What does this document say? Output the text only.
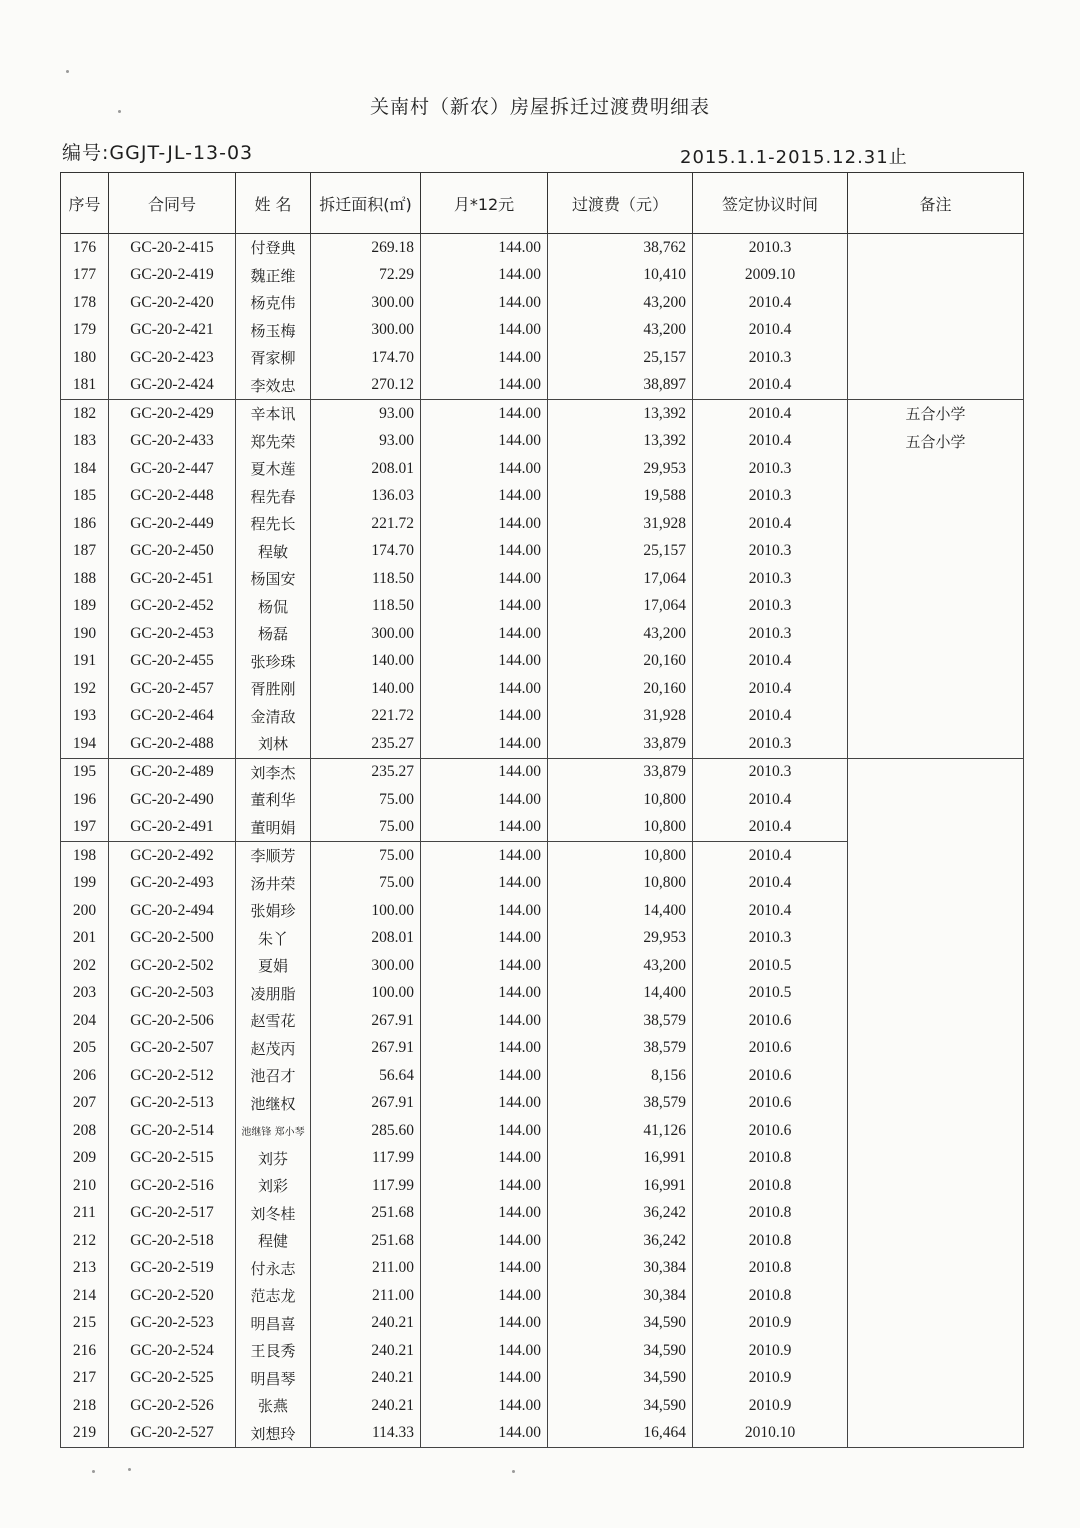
关南村（新农）房屋拆迁过渡费明细表
编号:GGJT-JL-13-03	2015.1.1-2015.12.31止
序号	合同号	姓 名	拆迁面积(㎡)	月*12元	过渡费（元）	签定协议时间	备注
176	GC-20-2-415	付登典	269.18	144.00	38,762	2010.3	
177	GC-20-2-419	魏正维	72.29	144.00	10,410	2009.10	
178	GC-20-2-420	杨克伟	300.00	144.00	43,200	2010.4	
179	GC-20-2-421	杨玉梅	300.00	144.00	43,200	2010.4	
180	GC-20-2-423	胥家柳	174.70	144.00	25,157	2010.3	
181	GC-20-2-424	李效忠	270.12	144.00	38,897	2010.4	
182	GC-20-2-429	辛本讯	93.00	144.00	13,392	2010.4	五合小学
183	GC-20-2-433	郑先荣	93.00	144.00	13,392	2010.4	五合小学
184	GC-20-2-447	夏木莲	208.01	144.00	29,953	2010.3	
185	GC-20-2-448	程先春	136.03	144.00	19,588	2010.3	
186	GC-20-2-449	程先长	221.72	144.00	31,928	2010.4	
187	GC-20-2-450	程敏	174.70	144.00	25,157	2010.3	
188	GC-20-2-451	杨国安	118.50	144.00	17,064	2010.3	
189	GC-20-2-452	杨侃	118.50	144.00	17,064	2010.3	
190	GC-20-2-453	杨磊	300.00	144.00	43,200	2010.3	
191	GC-20-2-455	张珍珠	140.00	144.00	20,160	2010.4	
192	GC-20-2-457	胥胜刚	140.00	144.00	20,160	2010.4	
193	GC-20-2-464	金清敌	221.72	144.00	31,928	2010.4	
194	GC-20-2-488	刘林	235.27	144.00	33,879	2010.3	
195	GC-20-2-489	刘李杰	235.27	144.00	33,879	2010.3	
196	GC-20-2-490	董利华	75.00	144.00	10,800	2010.4	
197	GC-20-2-491	董明娟	75.00	144.00	10,800	2010.4	
198	GC-20-2-492	李顺芳	75.00	144.00	10,800	2010.4	
199	GC-20-2-493	汤井荣	75.00	144.00	10,800	2010.4	
200	GC-20-2-494	张娟珍	100.00	144.00	14,400	2010.4	
201	GC-20-2-500	朱丫	208.01	144.00	29,953	2010.3	
202	GC-20-2-502	夏娟	300.00	144.00	43,200	2010.5	
203	GC-20-2-503	凌朋脂	100.00	144.00	14,400	2010.5	
204	GC-20-2-506	赵雪花	267.91	144.00	38,579	2010.6	
205	GC-20-2-507	赵茂丙	267.91	144.00	38,579	2010.6	
206	GC-20-2-512	池召才	56.64	144.00	8,156	2010.6	
207	GC-20-2-513	池继权	267.91	144.00	38,579	2010.6	
208	GC-20-2-514	池继锋 郑小琴	285.60	144.00	41,126	2010.6	
209	GC-20-2-515	刘芬	117.99	144.00	16,991	2010.8	
210	GC-20-2-516	刘彩	117.99	144.00	16,991	2010.8	
211	GC-20-2-517	刘冬桂	251.68	144.00	36,242	2010.8	
212	GC-20-2-518	程健	251.68	144.00	36,242	2010.8	
213	GC-20-2-519	付永志	211.00	144.00	30,384	2010.8	
214	GC-20-2-520	范志龙	211.00	144.00	30,384	2010.8	
215	GC-20-2-523	明昌喜	240.21	144.00	34,590	2010.9	
216	GC-20-2-524	王艮秀	240.21	144.00	34,590	2010.9	
217	GC-20-2-525	明昌琴	240.21	144.00	34,590	2010.9	
218	GC-20-2-526	张燕	240.21	144.00	34,590	2010.9	
219	GC-20-2-527	刘想玲	114.33	144.00	16,464	2010.10	
